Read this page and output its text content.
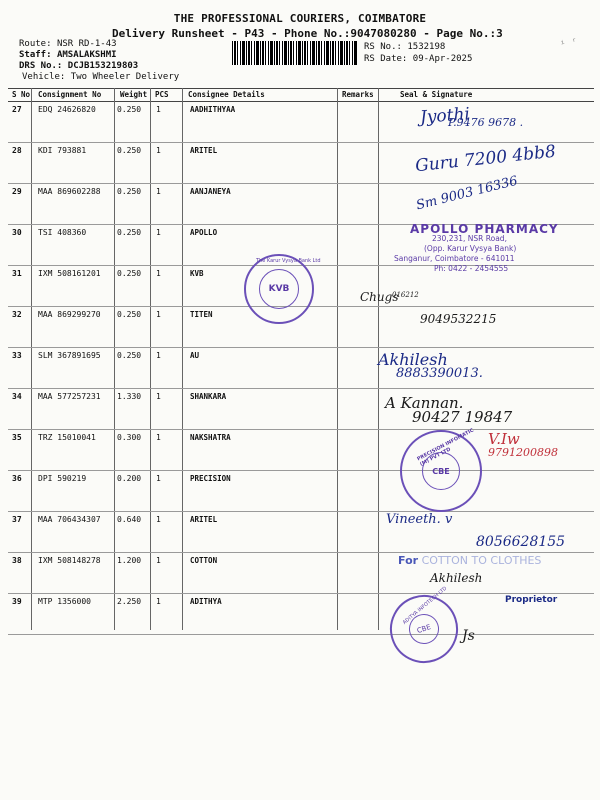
THE PROFESSIONAL COURIERS, COIMBATORE
Delivery Runsheet - P43 - Phone No.:9047080280 - Page No.:3
Route: NSR RD-1-43
Staff: AMSALAKSHMI
DRS No.: DCJB153219803
Vehicle: Two Wheeler Delivery
RS No.: 1532198
RS Date: 09-Apr-2025
ⁱ ʳ
S No Consignment No	Weight PCS	Consignee Details	Remarks	Seal & Signature
27 EDQ 24626820	0.250 1	AADHITHYAA
28 KDI 793881	0.250 1	ARITEL
29 MAA 869602288 0.250 1	AANJANEYA
30 TSI 408360	0.250 1	APOLLO
31 IXM 508161201 0.250 1	KVB
32 MAA 869299270 0.250 1	TITEN
33 SLM 367891695 0.250 1	AU
34 MAA 577257231 1.330 1	SHANKARA
35 TRZ 15010041	0.300 1	NAKSHATRA
36 DPI 590219	0.200 1	PRECISION
37 MAA 706434307 0.640 1	ARITEL
38 IXM 508148278 1.200 1	COTTON
39 MTP 1356000	2.250 1	ADITHYA
Jyothi
P.9476 9678 .
Guru 7200 4bb8
Sm 9003 16336
APOLLO PHARMACY
230,231, NSR Road,
(Opp. Karur Vysya Bank)
Sanganur, Coimbatore - 641011
Ph: 0422 - 2454555
KVB
The Karur Vysya Bank Ltd
Chugs
016212
9049532215
Akhilesh
8883390013.
A Kannan.
90427 19847
V.Iw
9791200898
CBE
PRECISION INFOMATIC (M) PVT LTD
Vineeth. v
8056628155
For COTTON TO CLOTHES
Akhilesh
Proprietor
CBE
ADITYA INFOTECH LTD
Js
